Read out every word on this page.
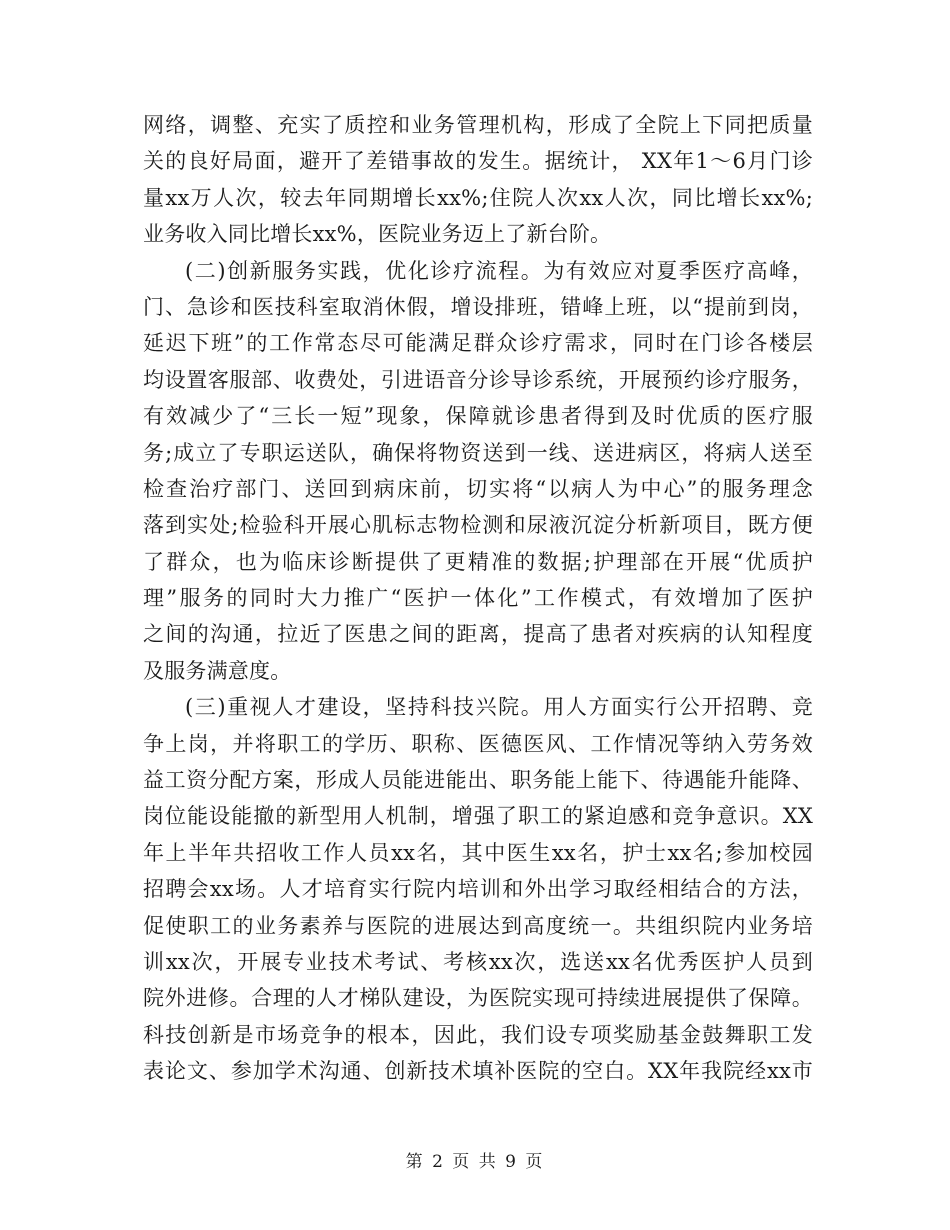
网络，调整、充实了质控和业务管理机构，形成了全院上下同把质量
关的良好局面，避开了差错事故的发生。据统计， XX年1～6月门诊
量xx万人次，较去年同期增长xx%;住院人次xx人次，同比增长xx%;
业务收入同比增长xx%，医院业务迈上了新台阶。
(二)创新服务实践，优化诊疗流程。为有效应对夏季医疗高峰，
门、急诊和医技科室取消休假，增设排班，错峰上班，以“提前到岗，
延迟下班”的工作常态尽可能满足群众诊疗需求，同时在门诊各楼层
均设置客服部、收费处，引进语音分诊导诊系统，开展预约诊疗服务，
有效减少了“三长一短”现象，保障就诊患者得到及时优质的医疗服
务;成立了专职运送队，确保将物资送到一线、送进病区，将病人送至
检查治疗部门、送回到病床前，切实将“以病人为中心”的服务理念
落到实处;检验科开展心肌标志物检测和尿液沉淀分析新项目，既方便
了群众，也为临床诊断提供了更精准的数据;护理部在开展“优质护
理”服务的同时大力推广“医护一体化”工作模式，有效增加了医护
之间的沟通，拉近了医患之间的距离，提高了患者对疾病的认知程度
及服务满意度。
(三)重视人才建设，坚持科技兴院。用人方面实行公开招聘、竞
争上岗，并将职工的学历、职称、医德医风、工作情况等纳入劳务效
益工资分配方案，形成人员能进能出、职务能上能下、待遇能升能降、
岗位能设能撤的新型用人机制，增强了职工的紧迫感和竞争意识。XX
年上半年共招收工作人员xx名，其中医生xx名，护士xx名;参加校园
招聘会xx场。人才培育实行院内培训和外出学习取经相结合的方法，
促使职工的业务素养与医院的进展达到高度统一。共组织院内业务培
训xx次，开展专业技术考试、考核xx次，选送xx名优秀医护人员到
院外进修。合理的人才梯队建设，为医院实现可持续进展提供了保障。
科技创新是市场竞争的根本，因此，我们设专项奖励基金鼓舞职工发
表论文、参加学术沟通、创新技术填补医院的空白。XX年我院经xx市
第 2 页 共 9 页
